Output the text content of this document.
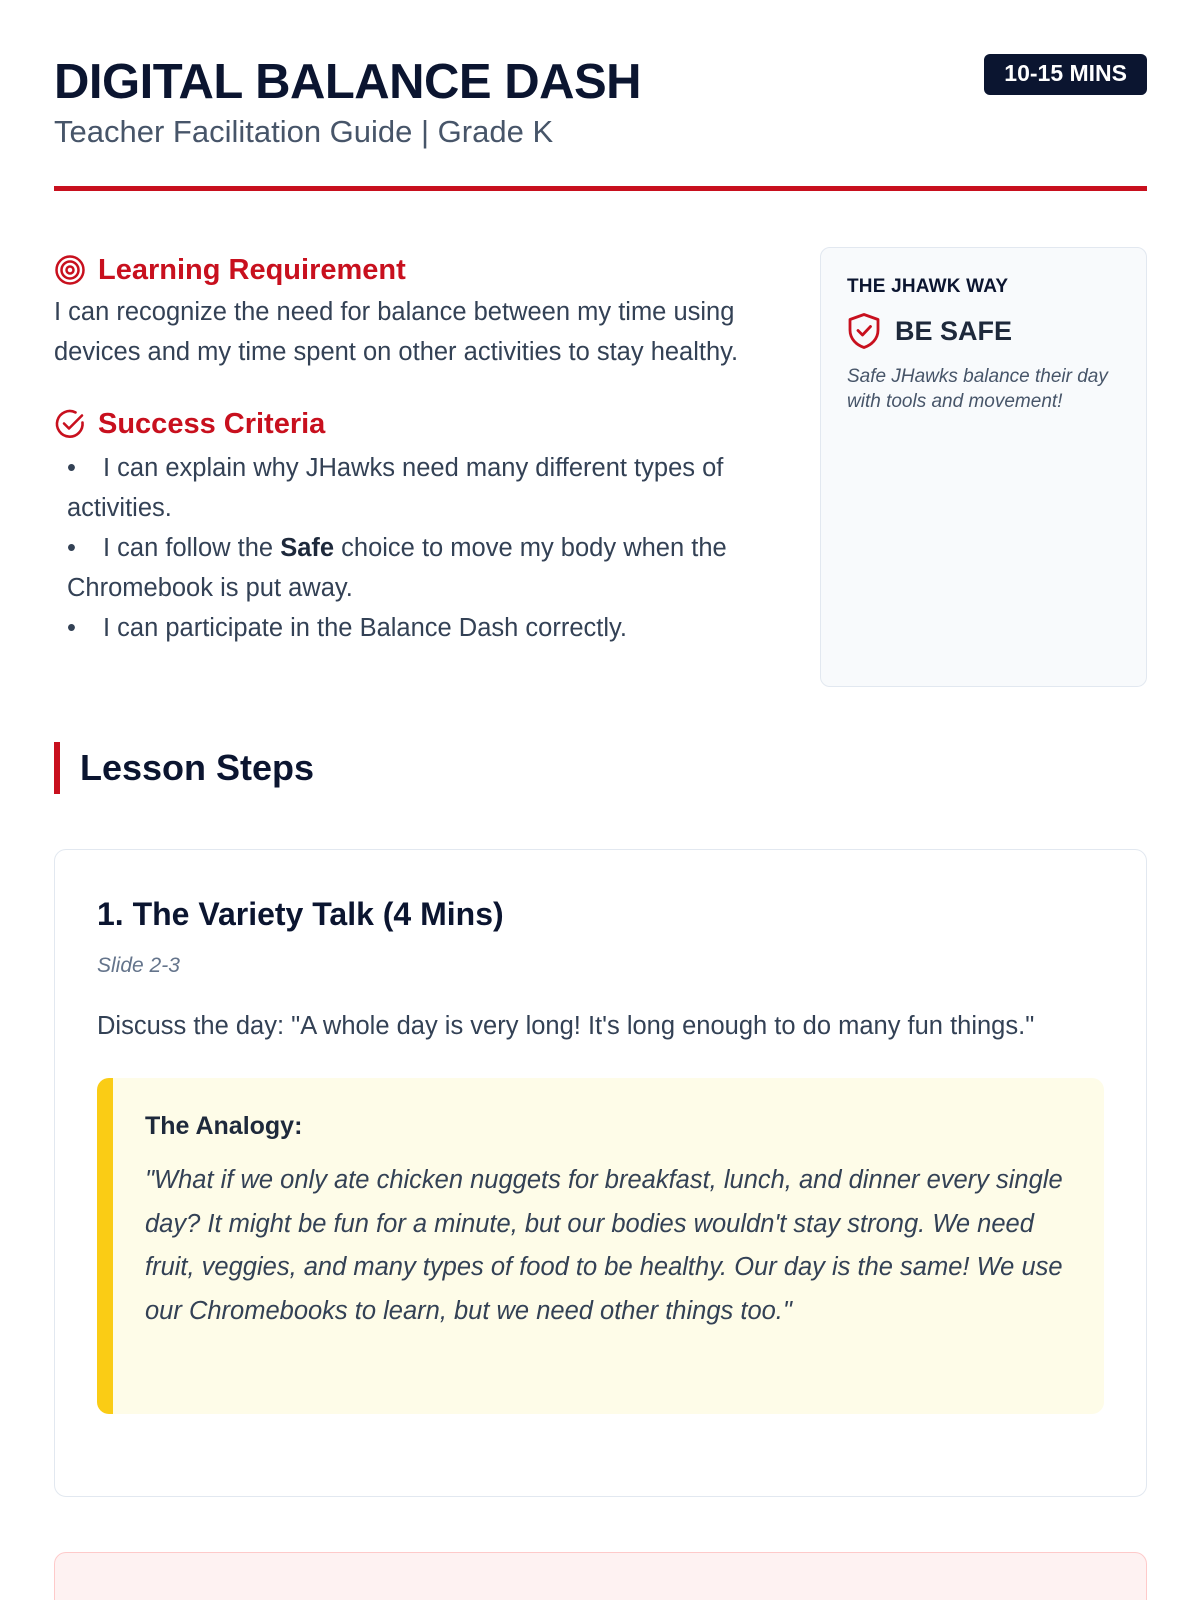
DIGITAL BALANCE DASH
Teacher Facilitation Guide | Grade K
10-15 MINS
Learning Requirement

I can recognize the need for balance between my time using devices and my time spent on other activities to stay healthy.

Success Criteria
• I can explain why JHawks need many different types of activities.
• I can follow the Safe choice to move my body when the Chromebook is put away.
• I can participate in the Balance Dash correctly.
THE JHAWK WAY
BE SAFE

Safe JHawks balance their day with tools and movement!

Lesson Steps
1. The Variety Talk (4 Mins)
Slide 2-3

Discuss the day: "A whole day is very long! It's long enough to do many fun things."

The Analogy:

"What if we only ate chicken nuggets for breakfast, lunch, and dinner every single day? It might be fun for a minute, but our bodies wouldn't stay strong. We need fruit, veggies, and many types of food to be healthy. Our day is the same! We use our Chromebooks to learn, but we need other things too."
